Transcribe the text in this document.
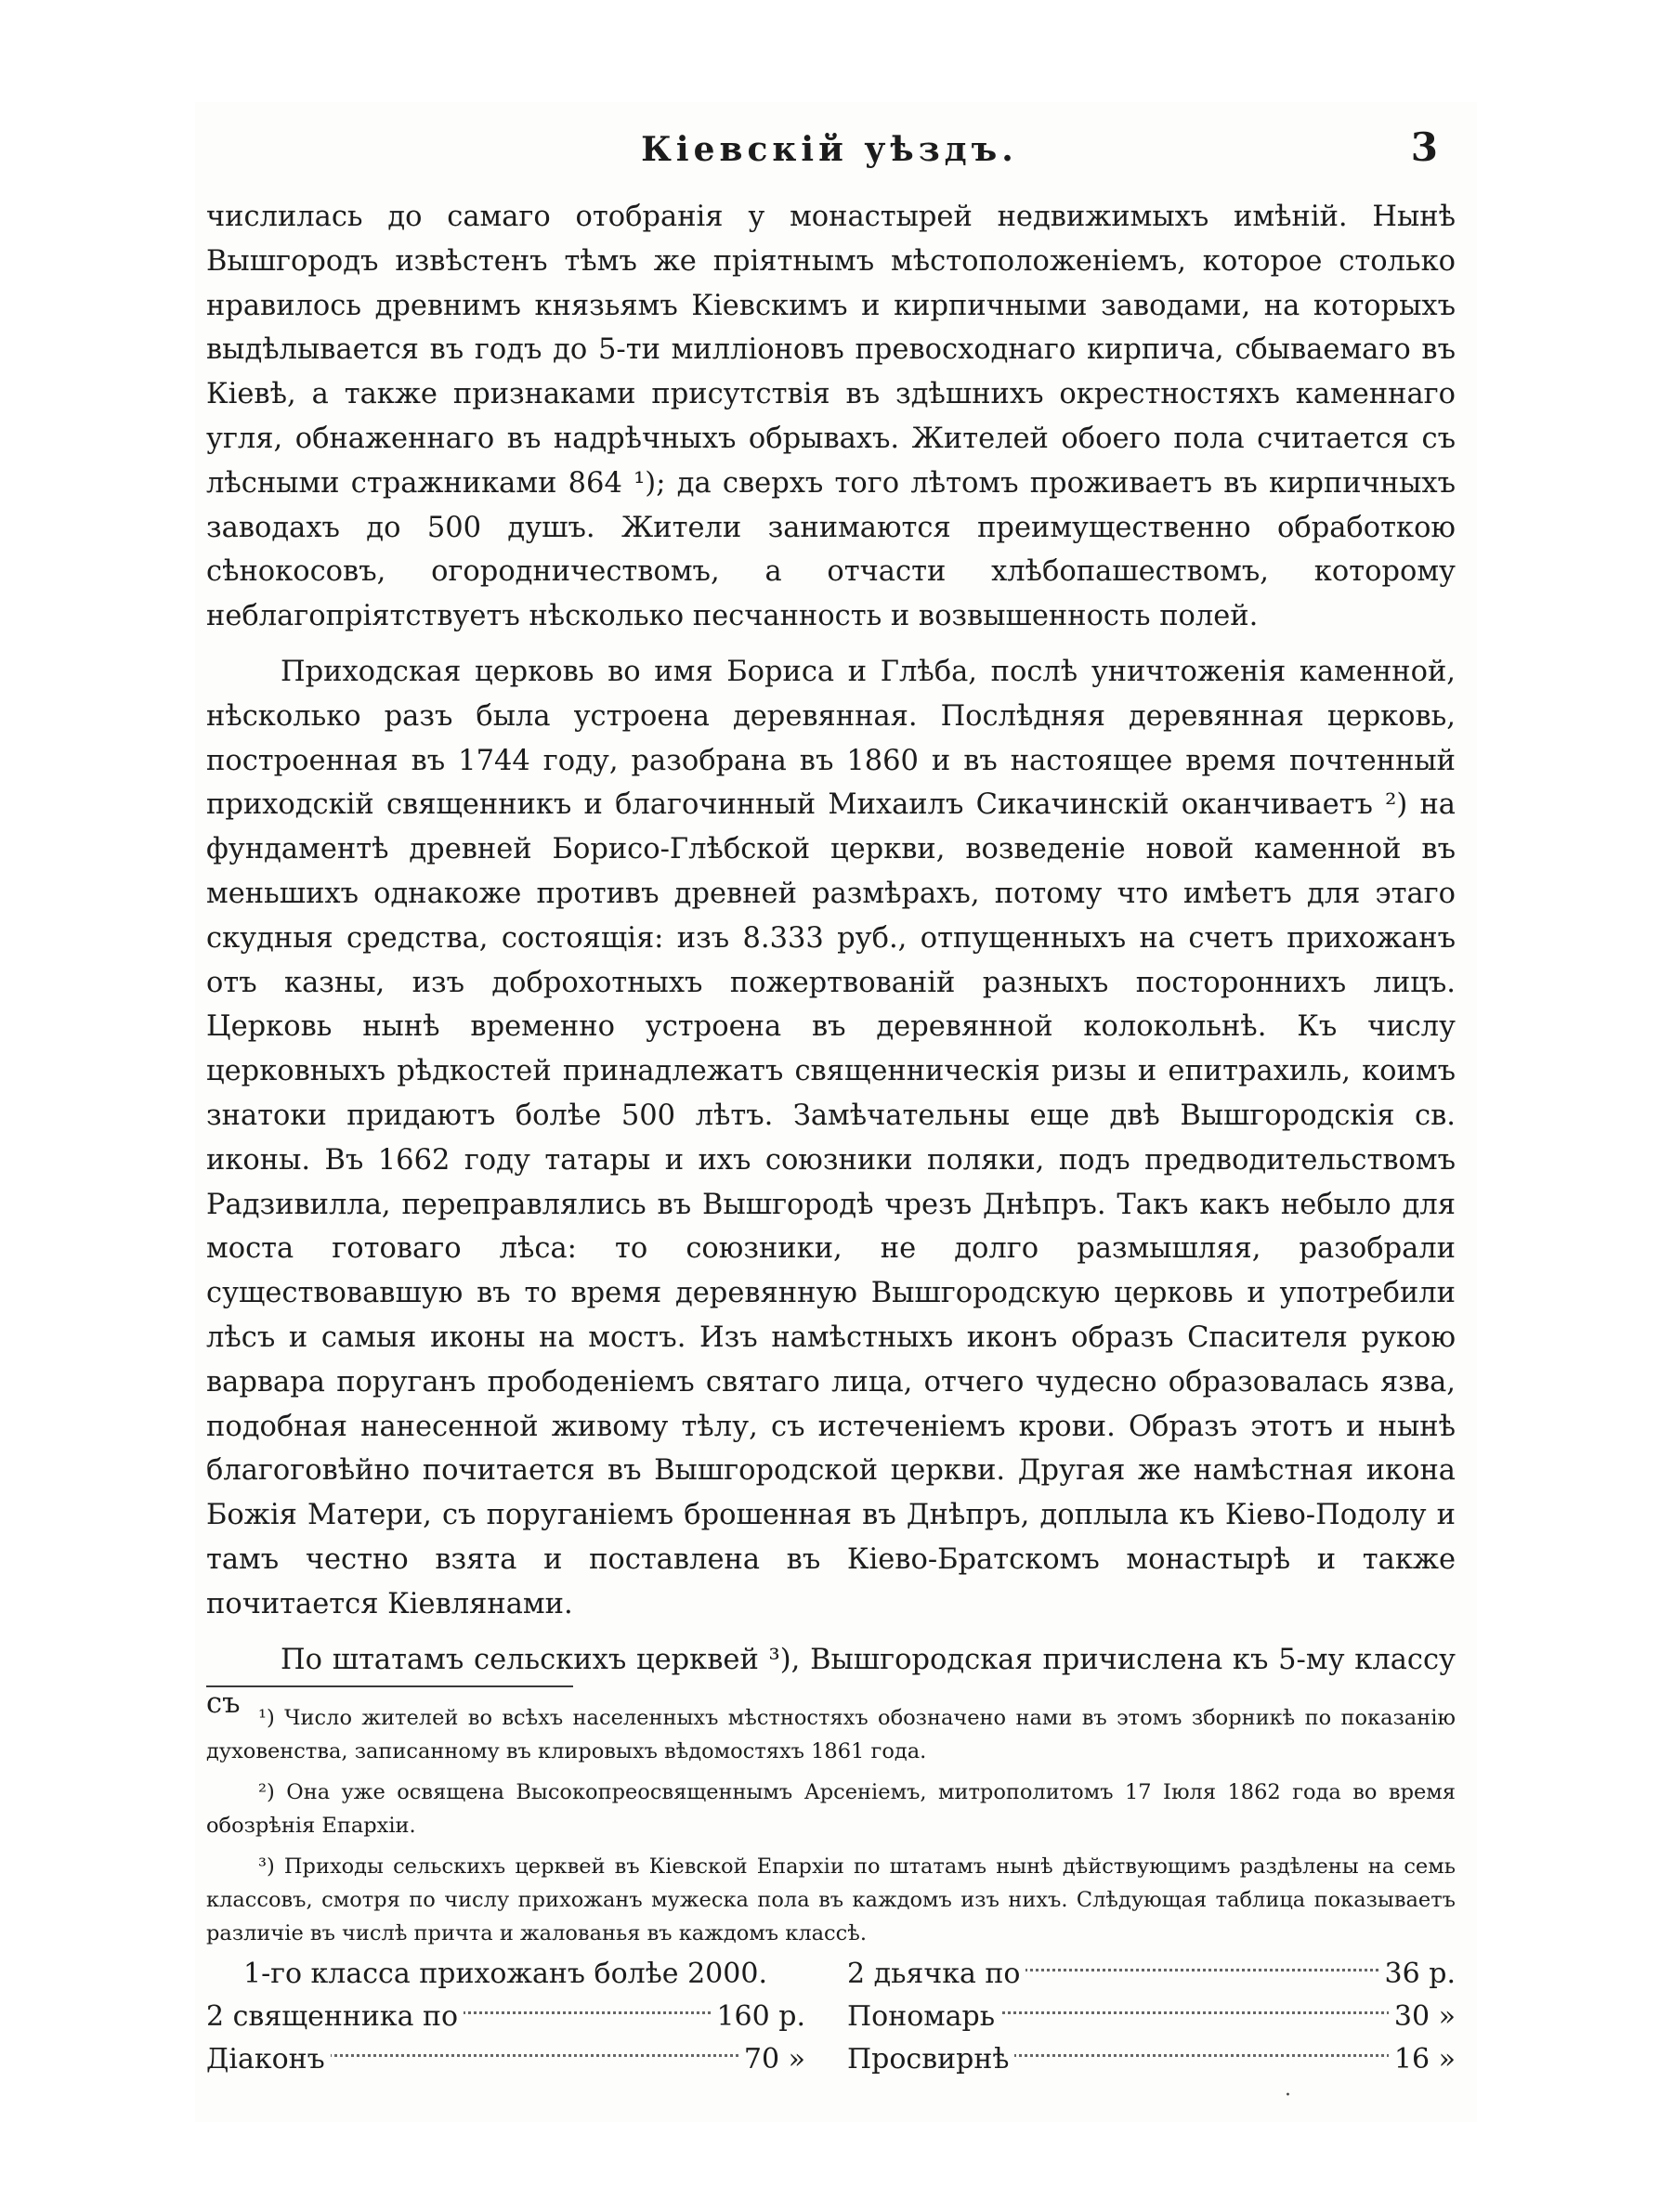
Кіевскій уѣздъ.	3

числилась до самаго отобранія у монастырей недвижимыхъ имѣній. Нынѣ Вышгородъ извѣстенъ тѣмъ же пріятнымъ мѣстоположеніемъ, которое столько нравилось древнимъ князьямъ Кіевскимъ и кирпичными заводами, на которыхъ выдѣлывается въ годъ до 5-ти милліоновъ превосходнаго кирпича, сбываемаго въ Кіевѣ, а также признаками присутствія въ здѣшнихъ окрестностяхъ каменнаго угля, обнаженнаго въ надрѣчныхъ обрывахъ. Жителей обоего пола считается съ лѣсными стражниками 864 ¹); да сверхъ того лѣтомъ проживаетъ въ кирпичныхъ заводахъ до 500 душъ. Жители занимаются преимущественно обработкою сѣнокосовъ, огородничествомъ, а отчасти хлѣбопашествомъ, которому неблагопріятствуетъ нѣсколько песчанность и возвышенность полей.

Приходская церковь во имя Бориса и Глѣба, послѣ уничтоженія каменной, нѣсколько разъ была устроена деревянная. Послѣдняя деревянная церковь, построенная въ 1744 году, разобрана въ 1860 и въ настоящее время почтенный приходскій священникъ и благочинный Михаилъ Сикачинскій оканчиваетъ ²) на фундаментѣ древней Борисо-Глѣбской церкви, возведеніе новой каменной въ меньшихъ однакоже противъ древней размѣрахъ, потому что имѣетъ для этаго скудныя средства, состоящія: изъ 8.333 руб., отпущенныхъ на счетъ прихожанъ отъ казны, изъ доброхотныхъ пожертвованій разныхъ постороннихъ лицъ. Церковь нынѣ временно устроена въ деревянной колокольнѣ. Къ числу церковныхъ рѣдкостей принадлежатъ священническія ризы и епитрахиль, коимъ знатоки придаютъ болѣе 500 лѣтъ. Замѣчательны еще двѣ Вышгородскія св. иконы. Въ 1662 году татары и ихъ союзники поляки, подъ предводительствомъ Радзивилла, переправлялись въ Вышгородѣ чрезъ Днѣпръ. Такъ какъ небыло для моста готоваго лѣса: то союзники, не долго размышляя, разобрали существовавшую въ то время деревянную Вышгородскую церковь и употребили лѣсъ и самыя иконы на мостъ. Изъ намѣстныхъ иконъ образъ Спасителя рукою варвара поруганъ прободеніемъ святаго лица, отчего чудесно образовалась язва, подобная нанесенной живому тѣлу, съ истеченіемъ крови. Образъ этотъ и нынѣ благоговѣйно почитается въ Вышгородской церкви. Другая же намѣстная икона Божія Матери, съ поруганіемъ брошенная въ Днѣпръ, доплыла къ Кіево-Подолу и тамъ честно взята и поставлена въ Кіево-Братскомъ монастырѣ и также почитается Кіевлянами.

По штатамъ сельскихъ церквей ³), Вышгородская причислена къ 5-му классу съ ¹) Число жителей во всѣхъ населенныхъ мѣстностяхъ обозначено нами въ этомъ зборникѣ по показанію духовенства, записанному въ клировыхъ вѣдомостяхъ 1861 года.

²) Она уже освящена Высокопреосвященнымъ Арсеніемъ, митрополитомъ 17 Іюля 1862 года во время обозрѣнія Епархіи.

³) Приходы сельскихъ церквей въ Кіевской Епархіи по штатамъ нынѣ дѣйствующимъ раздѣлены на семь классовъ, смотря по числу прихожанъ мужеска пола въ каждомъ изъ нихъ. Слѣдующая таблица показываетъ различіе въ числѣ причта и жалованья въ каждомъ классѣ.

1-го класса прихожанъ болѣе 2000.	2 дьячка по	36 р.
2 священника по	160 р. Пономарь	30 »
Діаконъ	70 » Просвирнѣ	16 »
·
